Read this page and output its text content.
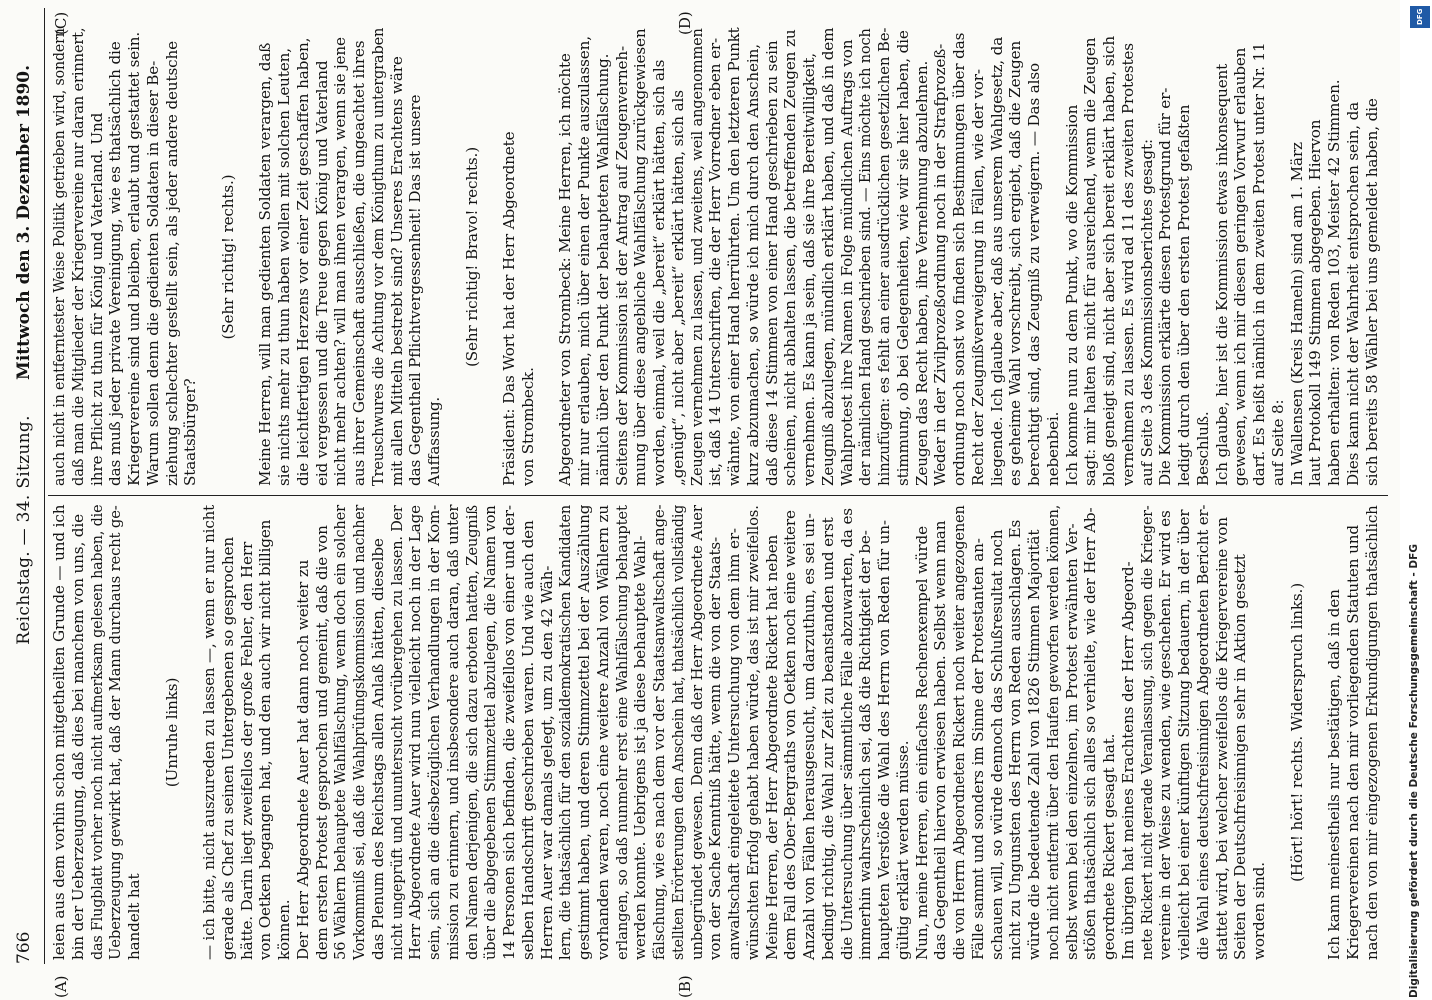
766
Reichstag. — 34. Sitzung.
Mittwoch den 3. Dezember 1890.
(A)	(B)
(C)	(D)
leien aus dem vorhin schon mitgetheilten Grunde — und ich bin der Ueberzeugung, daß dies bei manchem von uns, die das Flugblatt vorher noch nicht aufmerksam gelesen haben, die Ueberzeugung gewirkt hat, daß der Mann durchaus recht ge- handelt hat
(Unruhe links) — ich bitte, nicht auszureden zu lassen —, wenn er nur nicht gerade als Chef zu seinen Untergebenen so gesprochen hätte. Darin liegt zweifellos der große Fehler, den Herr von Oetken begangen hat, und den auch wir nicht billigen können. Der Herr Abgeordnete Auer hat dann noch weiter zu dem ersten Protest gesprochen und gemeint, daß die von 56 Wählern behauptete Wahlfälschung, wenn doch ein solcher Vorkommniß sei, daß die Wahlprüfungskommission und nachher das Plenum des Reichstags allen Anlaß hätten, dieselbe nicht ungeprüft und ununtersucht vorübergehen zu lassen. Der Herr Abgeordnete Auer wird nun vielleicht noch in der Lage sein, sich an die diesbezüglichen Verhandlungen in der Kom- mission zu erinnern, und insbesondere auch daran, daß unter den Namen derjenigen, die sich dazu erboten hatten, Zeugniß über die abgegebenen Stimmzettel abzulegen, die Namen von 14 Personen sich befinden, die zweifellos von einer und der- selben Handschrift geschrieben waren. Und wie auch den Herren Auer war damals gelegt, um zu den 42 Wäh- lern, die thatsächlich für den sozialdemokratischen Kandidaten gestimmt haben, und deren Stimmzettel bei der Auszählung vorhanden waren, noch eine weitere Anzahl von Wählern zu erlangen, so daß nunmehr erst eine Wahlfälschung behauptet werden konnte. Uebrigens ist ja diese behauptete Wahl- fälschung, wie es nach dem vor der Staatsanwaltschaft ange- stellten Erörterungen den Anschein hat, thatsächlich vollständig unbegründet gewesen. Denn daß der Herr Abgeordnete Auer von der Sache Kenntniß hätte, wenn die von der Staats- anwaltschaft eingeleitete Untersuchung von dem ihm er- wünschten Erfolg gehabt haben würde, das ist mir zweifellos. Meine Herren, der Herr Abgeordnete Rickert hat neben dem Fall des Ober-Bergraths von Oetken noch eine weitere Anzahl von Fällen herausgesucht, um darzuthun, es sei un- bedingt richtig, die Wahl zur Zeit zu beanstanden und erst die Untersuchung über sämmtliche Fälle abzuwarten, da es immerhin wahrscheinlich sei, daß die Richtigkeit der be- haupteten Verstöße die Wahl des Herrn von Reden für un- gültig erklärt werden müsse. Nun, meine Herren, ein einfaches Rechenexempel würde das Gegentheil hiervon erwiesen haben. Selbst wenn man die von Herrn Abgeordneten Rickert noch weiter angezogenen Fälle sammt und sonders im Sinne der Protestanten an- schauen will, so würde dennoch das Schlußresultat noch nicht zu Ungunsten des Herrn von Reden ausschlagen. Es würde die bedeutende Zahl von 1826 Stimmen Majorität noch nicht entfernt über den Haufen geworfen werden können, selbst wenn bei den einzelnen, im Protest erwähnten Ver- stößen thatsächlich sich alles so verhielte, wie der Herr Ab- geordnete Rickert gesagt hat. Im übrigen hat meines Erachtens der Herr Abgeord- nete Rickert nicht gerade Veranlassung, sich gegen die Krieger- vereine in der Weise zu wenden, wie geschehen. Er wird es vielleicht bei einer künftigen Sitzung bedauern, in der über die Wahl eines deutschfreisinnigen Abgeordneten Bericht er- stattet wird, bei welcher zweifellos die Kriegervereine von Seiten der Deutschfreisinnigen sehr in Aktion gesetzt worden sind.
(Hört! hört! rechts. Widerspruch links.) Ich kann meinestheils nur bestätigen, daß in den Kriegervereinen nach den mir vorliegenden Statuten und nach den von mir eingezogenen Erkundigungen thatsächlich
auch nicht in entferntester Weise Politik getrieben wird, sondern daß man die Mitglieder der Kriegervereine nur daran erinnert, ihre Pflicht zu thun für König und Vaterland. Und das muß jeder private Vereinigung, wie es thatsächlich die Kriegervereine sind und bleiben, erlaubt und gestattet sein. Warum sollen denn die gedienten Soldaten in dieser Be- ziehung schlechter gestellt sein, als jeder andere deutsche Staatsbürger?
(Sehr richtig! rechts.) Meine Herren, will man gedienten Soldaten verargen, daß sie nichts mehr zu thun haben wollen mit solchen Leuten, die leichtfertigen Herzens vor einer Zeit geschaffen haben, eid vergessen und die Treue gegen König und Vaterland nicht mehr achten? will man ihnen verargen, wenn sie jene aus ihrer Gemeinschaft ausschließen, die ungeachtet ihres Treuschwures die Achtung vor dem Königthum zu untergraben mit allen Mitteln bestrebt sind? Unseres Erachtens wäre das Gegentheil Pflichtvergessenheit! Das ist unsere Auffassung.
(Sehr richtig! Bravo! rechts.) Präsident: Das Wort hat der Herr Abgeordnete von Strombeck. Abgeordneter von Strombeck: Meine Herren, ich möchte mir nur erlauben, mich über einen der Punkte auszulassen, nämlich über den Punkt der behaupteten Wahlfälschung. Seitens der Kommission ist der Antrag auf Zeugenverneh- mung über diese angebliche Wahlfälschung zurückgewiesen worden, einmal, weil die „bereit“ erklärt hätten, sich als „genügt“, nicht aber „bereit“ erklärt hätten, sich als Zeugen vernehmen zu lassen, und zweitens, weil angenommen ist, daß 14 Unterschriften, die der Herr Vorredner eben er- wähnte, von einer Hand herrührten. Um den letzteren Punkt kurz abzumachen, so würde ich mich durch den Anschein, daß diese 14 Stimmen von einer Hand geschrieben zu sein scheinen, nicht abhalten lassen, die betreffenden Zeugen zu vernehmen. Es kann ja sein, daß sie ihre Bereitwilligkeit, Zeugniß abzulegen, mündlich erklärt haben, und daß in dem Wahlprotest ihre Namen in Folge mündlichen Auftrags von der nämlichen Hand geschrieben sind. — Eins möchte ich noch hinzufügen: es fehlt an einer ausdrücklichen gesetzlichen Be- stimmung, ob bei Gelegenheiten, wie wir sie hier haben, die Zeugen das Recht haben, ihre Vernehmung abzulehnen. Weder in der Zivilprozeßordnung noch in der Strafprozeß- ordnung noch sonst wo finden sich Bestimmungen über das Recht der Zeugnißverweigerung in Fällen, wie der vor- liegende. Ich glaube aber, daß aus unserem Wahlgesetz, da es geheime Wahl vorschreibt, sich ergiebt, daß die Zeugen berechtigt sind, das Zeugniß zu verweigern. — Das also nebenbei. Ich komme nun zu dem Punkt, wo die Kommission sagt: mir halten es nicht für ausreichend, wenn die Zeugen bloß geneigt sind, nicht aber sich bereit erklärt haben, sich vernehmen zu lassen. Es wird ad 11 des zweiten Protestes auf Seite 3 des Kommissionsberichtes gesagt: Die Kommission erklärte diesen Protestgrund für er- ledigt durch den über den ersten Protest gefaßten Beschluß. Ich glaube, hier ist die Kommission etwas inkonsequent gewesen, wenn ich mir diesen geringen Vorwurf erlauben darf. Es heißt nämlich in dem zweiten Protest unter Nr. 11 auf Seite 8: In Wallensen (Kreis Hameln) sind am 1. März laut Protokoll 149 Stimmen abgegeben. Hiervon haben erhalten: von Reden 103, Meister 42 Stimmen. Dies kann nicht der Wahrheit entsprochen sein, da sich bereits 58 Wähler bei uns gemeldet haben, die
Digitalisierung gefördert durch die Deutsche Forschungsgemeinschaft - DFG
DFG
